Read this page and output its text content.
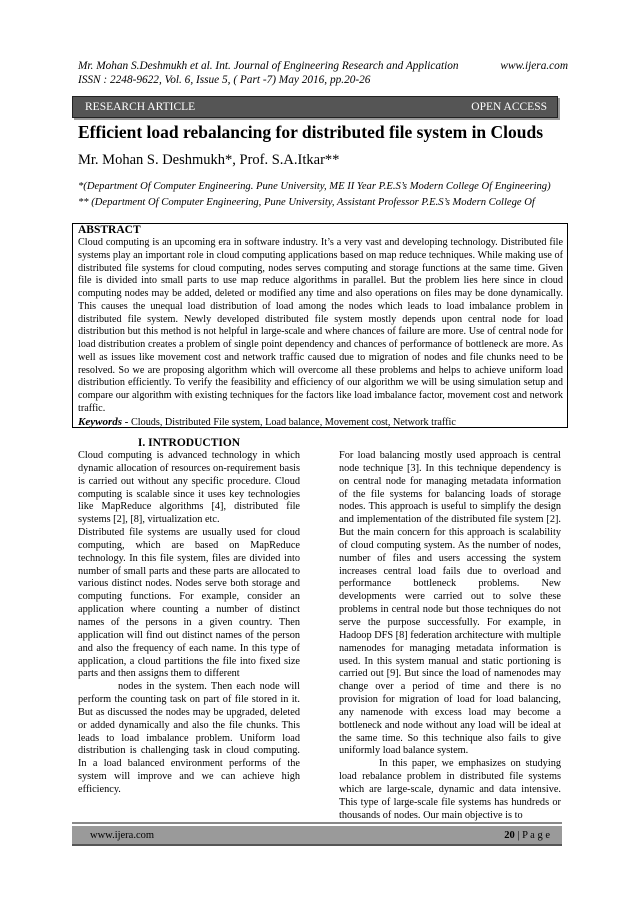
Mr. Mohan S.Deshmukh et al. Int. Journal of Engineering Research and Application	www.ijera.com
ISSN : 2248-9622, Vol. 6, Issue 5, ( Part -7) May 2016, pp.20-26
RESEARCH ARTICLE	OPEN ACCESS
Efficient load rebalancing for distributed file system in Clouds
Mr. Mohan S. Deshmukh*, Prof. S.A.Itkar**
*(Department Of Computer Engineering. Pune University, ME II Year P.E.S’s Modern College Of Engineering)
** (Department Of Computer Engineering, Pune University, Assistant Professor P.E.S’s Modern College Of
ABSTRACT
Cloud computing is an upcoming era in software industry. It’s a very vast and developing technology. Distributed file systems play an important role in cloud computing applications based on map reduce techniques. While making use of distributed file systems for cloud computing, nodes serves computing and storage functions at the same time. Given file is divided into small parts to use map reduce algorithms in parallel. But the problem lies here since in cloud computing nodes may be added, deleted or modified any time and also operations on files may be done dynamically. This causes the unequal load distribution of load among the nodes which leads to load imbalance problem in distributed file system. Newly developed distributed file system mostly depends upon central node for load distribution but this method is not helpful in large-scale and where chances of failure are more. Use of central node for load distribution creates a problem of single point dependency and chances of performance of bottleneck are more. As well as issues like movement cost and network traffic caused due to migration of nodes and file chunks need to be resolved. So we are proposing algorithm which will overcome all these problems and helps to achieve uniform load distribution efficiently. To verify the feasibility and efficiency of our algorithm we will be using simulation setup and compare our algorithm with existing techniques for the factors like load imbalance factor, movement cost and network traffic.
Keywords - Clouds, Distributed File system, Load balance, Movement cost, Network traffic
I. INTRODUCTION

Cloud computing is advanced technology in which dynamic allocation of resources on-requirement basis is carried out without any specific procedure. Cloud computing is scalable since it uses key technologies like MapReduce algorithms [4], distributed file systems [2], [8], virtualization etc.

Distributed file systems are usually used for cloud computing, which are based on MapReduce technology. In this file system, files are divided into number of small parts and these parts are allocated to various distinct nodes. Nodes serve both storage and computing functions. For example, consider an application where counting a number of distinct names of the persons in a given country. Then application will find out distinct names of the person and also the frequency of each name. In this type of application, a cloud partitions the file into fixed size parts and then assigns them to different

nodes in the system. Then each node will perform the counting task on part of file stored in it. But as discussed the nodes may be upgraded, deleted or added dynamically and also the file chunks. This leads to load imbalance problem. Uniform load distribution is challenging task in cloud computing. In a load balanced environment performs of the system will improve and we can achieve high efficiency.

For load balancing mostly used approach is central node technique [3]. In this technique dependency is on central node for managing metadata information of the file systems for balancing loads of storage nodes. This approach is useful to simplify the design and implementation of the distributed file system [2]. But the main concern for this approach is scalability of cloud computing system. As the number of nodes, number of files and users accessing the system increases central load fails due to overload and performance bottleneck problems. New developments were carried out to solve these problems in central node but those techniques do not serve the purpose successfully. For example, in Hadoop DFS [8] federation architecture with multiple namenodes for managing metadata information is used. In this system manual and static portioning is carried out [9]. But since the load of namenodes may change over a period of time and there is no provision for migration of load for load balancing, any namenode with excess load may become a bottleneck and node without any load will be ideal at the same time. So this technique also fails to give uniformly load balance system.

In this paper, we emphasizes on studying load rebalance problem in distributed file systems which are large-scale, dynamic and data intensive. This type of large-scale file systems has hundreds or thousands of nodes. Our main objective is to

www.ijera.com	20 | P a g e
